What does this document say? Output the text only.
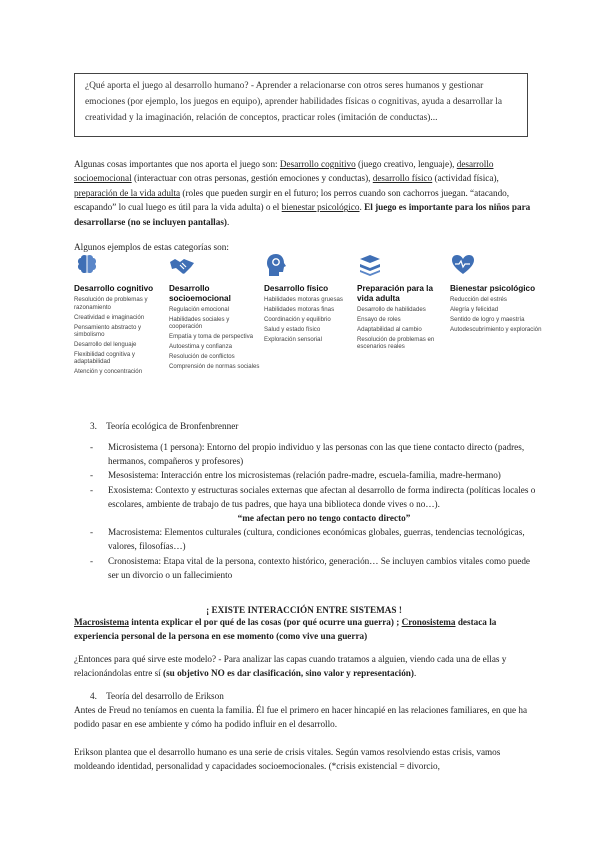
¿Qué aporta el juego al desarrollo humano? - Aprender a relacionarse con otros seres humanos y gestionar emociones (por ejemplo, los juegos en equipo), aprender habilidades físicas o cognitivas, ayuda a desarrollar la creatividad y la imaginación, relación de conceptos, practicar roles (imitación de conductas)...
Algunas cosas importantes que nos aporta el juego son: Desarrollo cognitivo (juego creativo, lenguaje), desarrollo socioemocional (interactuar con otras personas, gestión emociones y conductas), desarrollo físico (actividad física), preparación de la vida adulta (roles que pueden surgir en el futuro; los perros cuando son cachorros juegan. “atacando, escapando” lo cual luego es útil para la vida adulta) o el bienestar psicológico. El juego es importante para los niños para desarrollarse (no se incluyen pantallas).
Algunos ejemplos de estas categorías son:
Desarrollo cognitivo
Resolución de problemas y razonamiento
Creatividad e imaginación
Pensamiento abstracto y simbolismo
Desarrollo del lenguaje
Flexibilidad cognitiva y adaptabilidad
Atención y concentración
Desarrollo socioemocional
Regulación emocional
Habilidades sociales y cooperación
Empatía y toma de perspectiva
Autoestima y confianza
Resolución de conflictos
Comprensión de normas sociales
Desarrollo físico
Habilidades motoras gruesas
Habilidades motoras finas
Coordinación y equilibrio
Salud y estado físico
Exploración sensorial
Preparación para la vida adulta
Desarrollo de habilidades
Ensayo de roles
Adaptabilidad al cambio
Resolución de problemas en escenarios reales
Bienestar psicológico
Reducción del estrés
Alegría y felicidad
Sentido de logro y maestría
Autodescubrimiento y exploración
3. Teoría ecológica de Bronfenbrenner
- Microsistema (1 persona): Entorno del propio individuo y las personas con las que tiene contacto directo (padres, hermanos, compañeros y profesores)
- Mesosistema: Interacción entre los microsistemas (relación padre-madre, escuela-familia, madre-hermano)
- Exosistema: Contexto y estructuras sociales externas que afectan al desarrollo de forma indirecta (políticas locales o escolares, ambiente de trabajo de tus padres, que haya una biblioteca donde vives o no…).
“me afectan pero no tengo contacto directo”
- Macrosistema: Elementos culturales (cultura, condiciones económicas globales, guerras, tendencias tecnológicas, valores, filosofías…)
- Cronosistema: Etapa vital de la persona, contexto histórico, generación… Se incluyen cambios vitales como puede ser un divorcio o un fallecimiento
¡ EXISTE INTERACCIÓN ENTRE SISTEMAS !
Macrosistema intenta explicar el por qué de las cosas (por qué ocurre una guerra) ; Cronosistema destaca la experiencia personal de la persona en ese momento (como vive una guerra)
¿Entonces para qué sirve este modelo? - Para analizar las capas cuando tratamos a alguien, viendo cada una de ellas y relacionándolas entre sí (su objetivo NO es dar clasificación, sino valor y representación).
4. Teoría del desarrollo de Erikson
Antes de Freud no teníamos en cuenta la familia. Él fue el primero en hacer hincapié en las relaciones familiares, en que ha podido pasar en ese ambiente y cómo ha podido influir en el desarrollo.
Erikson plantea que el desarrollo humano es una serie de crisis vitales. Según vamos resolviendo estas crisis, vamos moldeando identidad, personalidad y capacidades socioemocionales. (*crisis existencial = divorcio,
